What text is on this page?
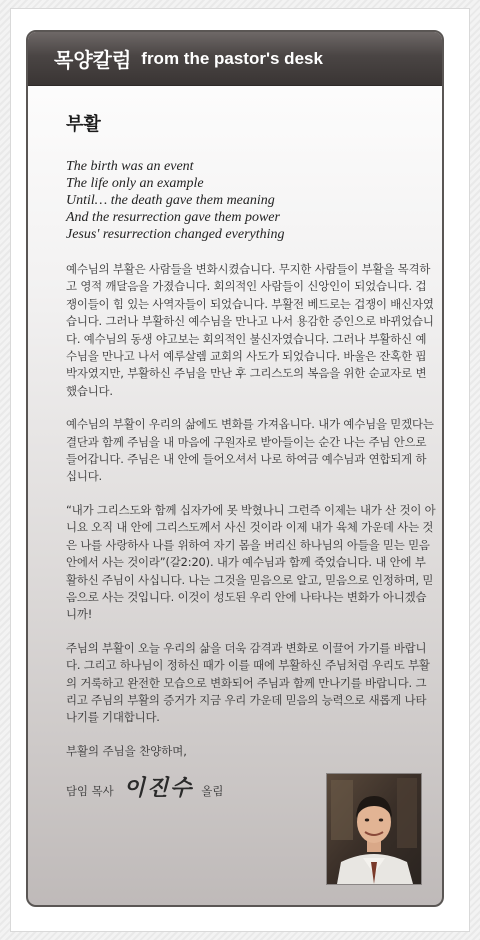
목양칼럼 from the pastor's desk
부활
The birth was an event
The life only an example
Until… the death gave them meaning
And the resurrection gave them power
Jesus' resurrection changed everything

예수님의 부활은 사람들을 변화시켰습니다. 무지한 사람들이 부활을 목격하고 영적 깨달음을 가졌습니다. 회의적인 사람들이 신앙인이 되었습니다. 겁쟁이들이 힘 있는 사역자들이 되었습니다. 부활전 베드로는 겁쟁이 배신자였습니다. 그러나 부활하신 예수님을 만나고 나서 용감한 증인으로 바뀌었습니다. 예수님의 동생 야고보는 회의적인 불신자였습니다. 그러나 부활하신 예수님을 만나고 나서 예루살렘 교회의 사도가 되었습니다. 바울은 잔혹한 핍박자였지만, 부활하신 주님을 만난 후 그리스도의 복음을 위한 순교자로 변했습니다.

예수님의 부활이 우리의 삶에도 변화를 가져옵니다. 내가 예수님을 믿겠다는 결단과 함께 주님을 내 마음에 구원자로 받아들이는 순간 나는 주님 안으로 들어갑니다. 주님은 내 안에 들어오셔서 나로 하여금 예수님과 연합되게 하십니다.

“내가 그리스도와 함께 십자가에 못 박혔나니 그런즉 이제는 내가 산 것이 아니요 오직 내 안에 그리스도께서 사신 것이라 이제 내가 육체 가운데 사는 것은 나를 사랑하사 나를 위하여 자기 몸을 버리신 하나님의 아들을 믿는 믿음 안에서 사는 것이라”(갈2:20). 내가 예수님과 함께 죽었습니다. 내 안에 부활하신 주님이 사십니다. 나는 그것을 믿음으로 알고, 믿음으로 인정하며, 믿음으로 사는 것입니다. 이것이 성도된 우리 안에 나타나는 변화가 아니겠습니까!

주님의 부활이 오늘 우리의 삶을 더욱 감격과 변화로 이끌어 가기를 바랍니다. 그리고 하나님이 정하신 때가 이를 때에 부활하신 주님처럼 우리도 부활의 거룩하고 완전한 모습으로 변화되어 주님과 함께 만나기를 바랍니다. 그리고 주님의 부활의 증거가 지금 우리 가운데 믿음의 능력으로 새롭게 나타나기를 기대합니다.

부활의 주님을 찬양하며,

담임 목사 이진수 올림
